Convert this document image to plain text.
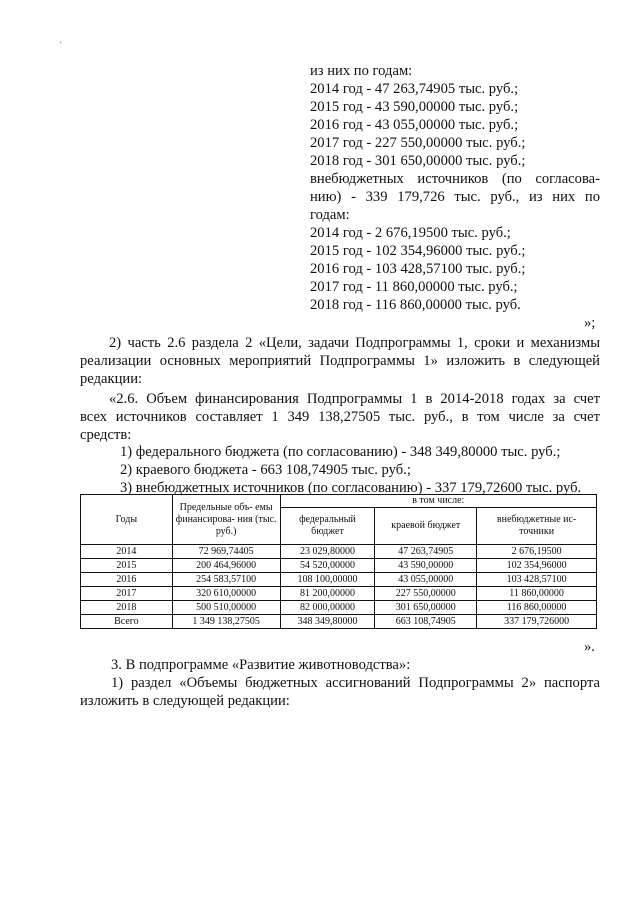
'
из них по годам:
2014 год - 47 263,74905 тыс. руб.;
2015 год - 43 590,00000 тыс. руб.;
2016 год - 43 055,00000 тыс. руб.;
2017 год - 227 550,00000 тыс. руб.;
2018 год - 301 650,00000 тыс. руб.;
внебюджетных источников (по согласова-
нию) - 339 179,726 тыс. руб., из них по
годам:
2014 год - 2 676,19500 тыс. руб.;
2015 год - 102 354,96000 тыс. руб.;
2016 год - 103 428,57100 тыс. руб.;
2017 год - 11 860,00000 тыс. руб.;
2018 год - 116 860,00000 тыс. руб.
»;
2) часть 2.6 раздела 2 «Цели, задачи Подпрограммы 1, сроки и механизмы
реализации основных мероприятий Подпрограммы 1» изложить в следующей
редакции:
«2.6. Объем финансирования Подпрограммы 1 в 2014-2018 годах за счет
всех источников составляет 1 349 138,27505 тыс. руб., в том числе за счет
средств:
1) федерального бюджета (по согласованию) - 348 349,80000 тыс. руб.;
2) краевого бюджета - 663 108,74905 тыс. руб.;
3) внебюджетных источников (по согласованию) - 337 179,72600 тыс. руб.
Годы	Предельные объ- емы финансирова- ния (тыс. руб.)	в том числе:		
		федеральный бюджет	краевой бюджет	внебюджетные ис- точники
2014	72 969,74405	23 029,80000	47 263,74905	2 676,19500
2015	200 464,96000	54 520,00000	43 590,00000	102 354,96000
2016	254 583,57100	108 100,00000	43 055,00000	103 428,57100
2017	320 610,00000	81 200,00000	227 550,00000	11 860,00000
2018	500 510,00000	82 000,00000	301 650,00000	116 860,00000
Всего	1 349 138,27505	348 349,80000	663 108,74905	337 179,726000
».
3. В подпрограмме «Развитие животноводства»:
1) раздел «Объемы бюджетных ассигнований Подпрограммы 2» паспорта
изложить в следующей редакции:
